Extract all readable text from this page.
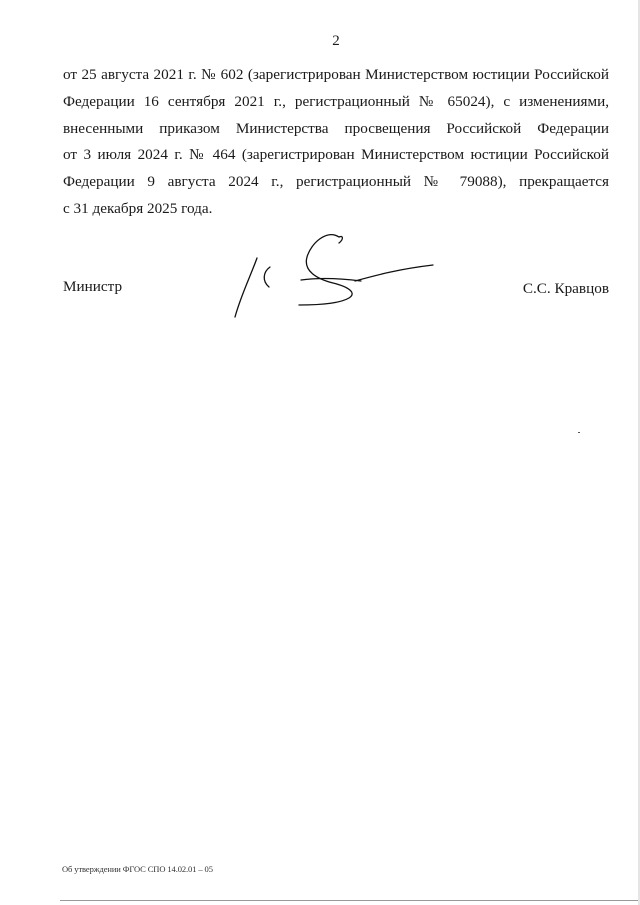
2
от 25 августа 2021 г. № 602 (зарегистрирован Министерством юстиции Российской
Федерации 16 сентября 2021 г., регистрационный № 65024), с изменениями,
внесенными приказом Министерства просвещения Российской Федерации
от 3 июля 2024 г. № 464 (зарегистрирован Министерством юстиции Российской
Федерации 9 августа 2024 г., регистрационный № 79088), прекращается
с 31 декабря 2025 года.
Министр	С.С. Кравцов
Об утверждении ФГОС СПО 14.02.01 – 05
